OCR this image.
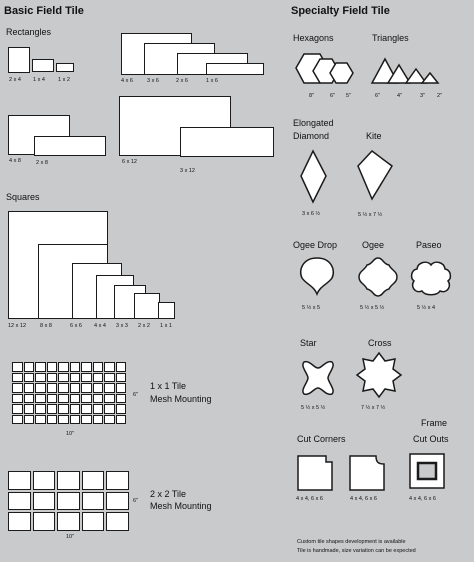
Basic Field Tile
Rectangles
2 x 4 1 x 4 1 x 2	4 x 6	3 x 6	2 x 6	1 x 6
4 x 8	2 x 8	6 x 12
3 x 12
Squares
12 x 12	8 x 8	6 x 6 4 x 4 3 x 3 2 x 2 1 x 1
6"
10"
1 x 1 Tile
Mesh Mounting
6"
10"
2 x 2 Tile
Mesh Mounting
Specialty Field Tile
Hexagons
8"	6" 5"
Triangles
6"	4"	3" 2"
Elongated
Diamond
3 x 6 ½
Kite
5 ½ x 7 ½
Ogee Drop
5 ½ x 5
Ogee
5 ½ x 5 ½
Paseo
5 ½ x 4
Star
5 ½ x 5 ½
Cross
7 ½ x 7 ½
Cut Corners
4 x 4, 6 x 6	4 x 4, 6 x 6
Frame
Cut Outs
4 x 4, 6 x 6
Custom tile shapes development is available
Tile is handmade, size variation can be expected
